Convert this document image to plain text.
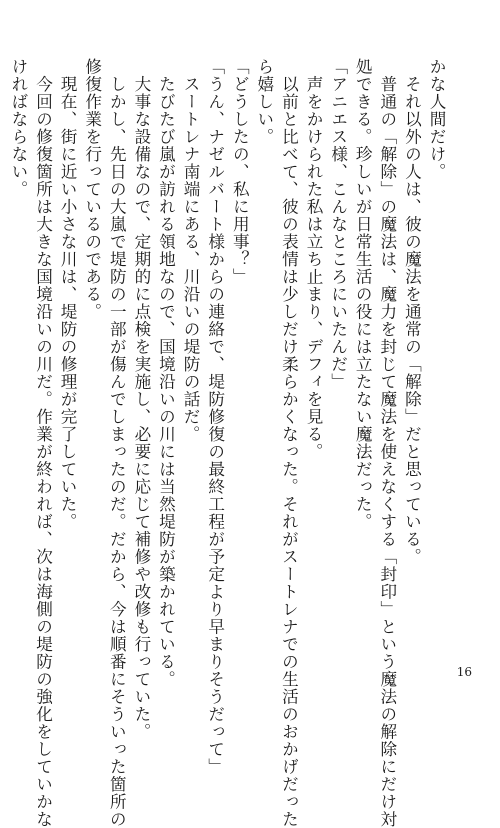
かな人間だけ。
　それ以外の人は、彼の魔法を通常の「解除」だと思っている。
　普通の「解除」の魔法は、魔力を封じて魔法を使えなくする「封印」という魔法の解除にだけ対
処できる。珍しいが日常生活の役には立たない魔法だった。
「アニエス様、こんなところにいたんだ」
　声をかけられた私は立ち止まり、デフィを見る。
　以前と比べて、彼の表情は少しだけ柔らかくなった。それがスートレナでの生活のおかげだった
ら嬉しい。
「どうしたの、私に用事？」
「うん、ナゼルバート様からの連絡で、堤防修復の最終工程が予定より早まりそうだって」
　スートレナ南端にある、川沿いの堤防の話だ。
　たびたび嵐が訪れる領地なので、国境沿いの川には当然堤防が築かれている。
　大事な設備なので、定期的に点検を実施し、必要に応じて補修や改修も行っていた。
　しかし、先日の大嵐で堤防の一部が傷んでしまったのだ。だから、今は順番にそういった箇所の
修復作業を行っているのである。
　現在、街に近い小さな川は、堤防の修理が完了していた。
　今回の修復箇所は大きな国境沿いの川だ。作業が終われば、次は海側の堤防の強化をしていかな
ければならない。
16
